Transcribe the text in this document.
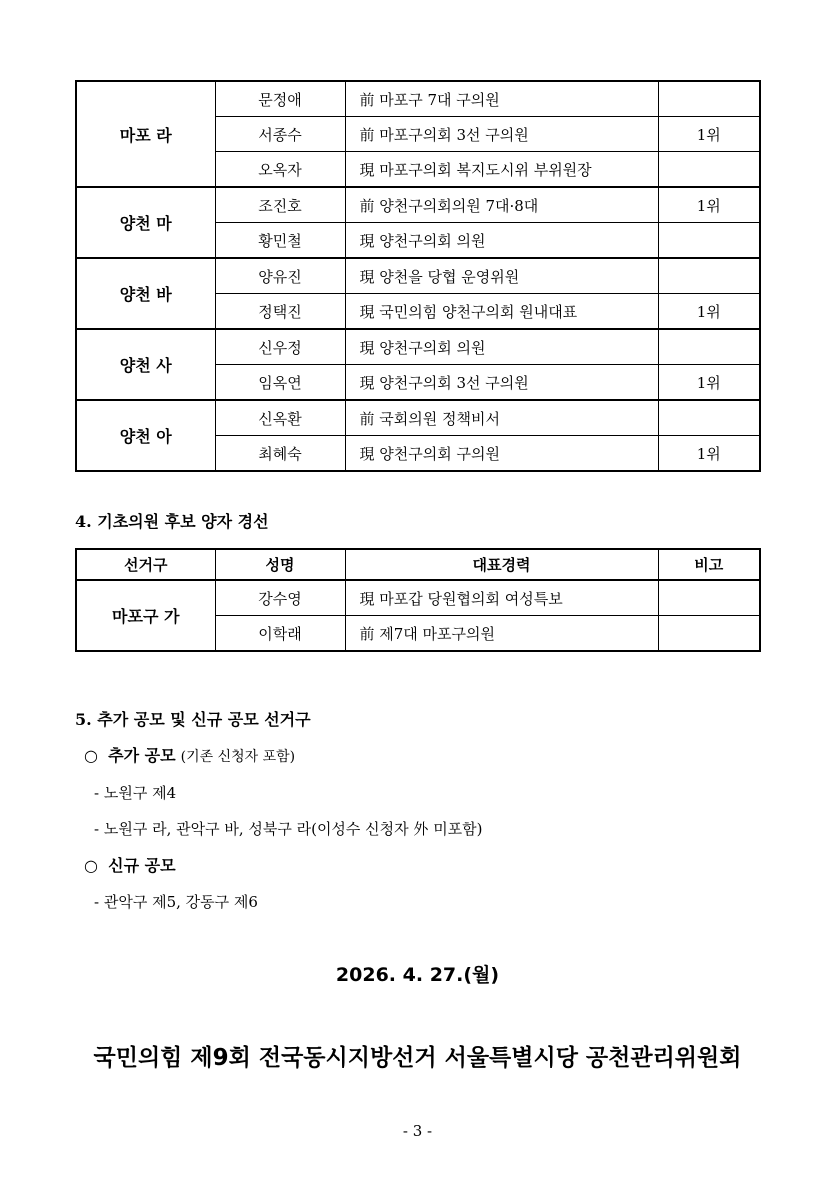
마포 라	문정애	前 마포구 7대 구의원	
	서종수	前 마포구의회 3선 구의원	1위
	오옥자	現 마포구의회 복지도시위 부위원장	
양천 마	조진호	前 양천구의회의원 7대·8대	1위
	황민철	現 양천구의회 의원	
양천 바	양유진	現 양천을 당협 운영위원	
	정택진	現 국민의힘 양천구의회 원내대표	1위
양천 사	신우정	現 양천구의회 의원	
	임옥연	現 양천구의회 3선 구의원	1위
양천 아	신옥환	前 국회의원 정책비서	
	최혜숙	現 양천구의회 구의원	1위
4. 기초의원 후보 양자 경선
선거구	성명	대표경력	비고
마포구 가	강수영	現 마포갑 당원협의회 여성특보	
	이학래	前 제7대 마포구의원	
5. 추가 공모 및 신규 공모 선거구
○ 추가 공모 (기존 신청자 포함)
- 노원구 제4
- 노원구 라, 관악구 바, 성북구 라(이성수 신청자 外 미포함)
○ 신규 공모
- 관악구 제5, 강동구 제6
2026. 4. 27.(월)
국민의힘 제9회 전국동시지방선거 서울특별시당 공천관리위원회
- 3 -
